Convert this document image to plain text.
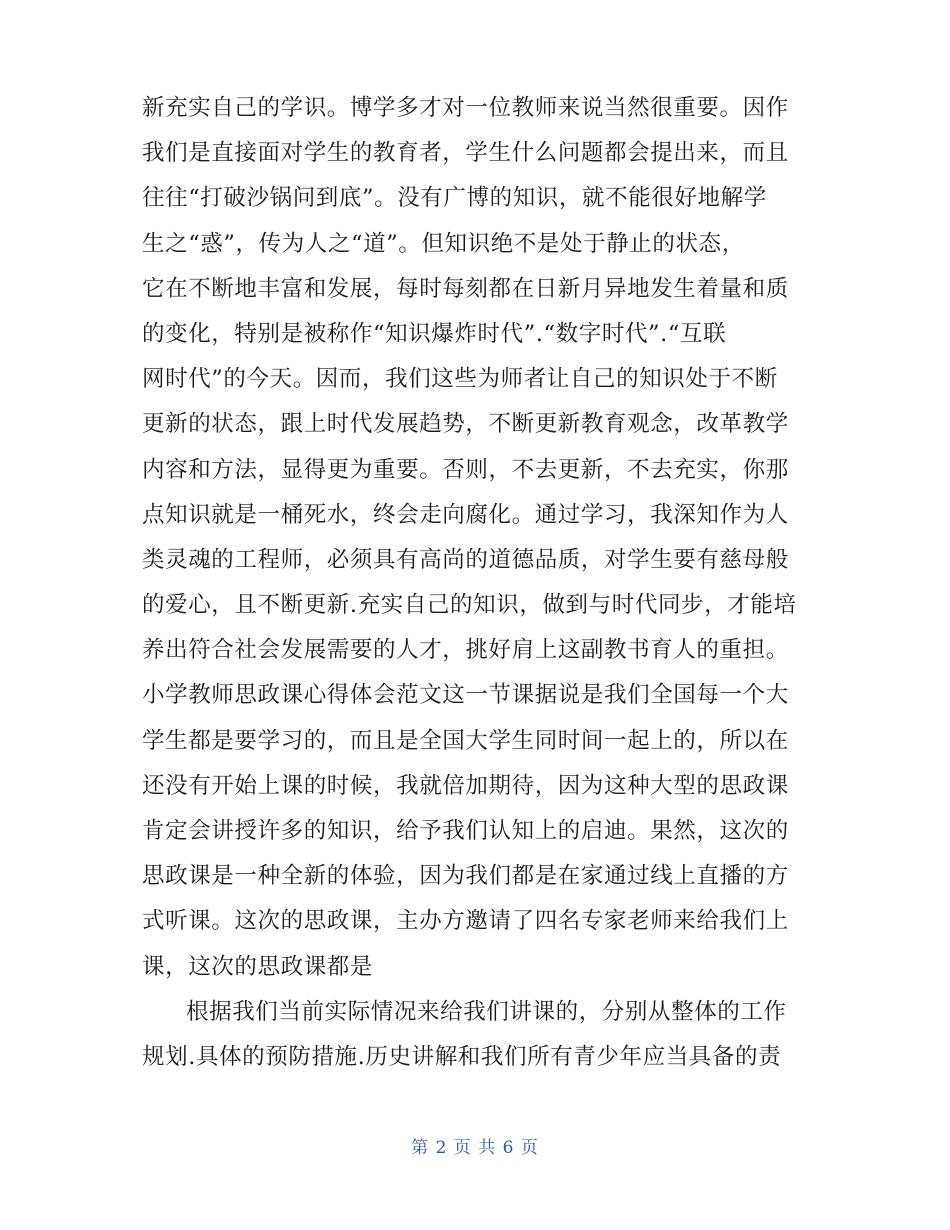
新充实自己的学识。博学多才对一位教师来说当然很重要。因作
我们是直接面对学生的教育者，学生什么问题都会提出来，而且
往往“打破沙锅问到底”。没有广博的知识，就不能很好地解学
生之“惑”，传为人之“道”。但知识绝不是处于静止的状态，
它在不断地丰富和发展，每时每刻都在日新月异地发生着量和质
的变化，特别是被称作“知识爆炸时代”.“数字时代”.“互联
网时代”的今天。因而，我们这些为师者让自己的知识处于不断
更新的状态，跟上时代发展趋势，不断更新教育观念，改革教学
内容和方法，显得更为重要。否则，不去更新，不去充实，你那
点知识就是一桶死水，终会走向腐化。通过学习，我深知作为人
类灵魂的工程师，必须具有高尚的道德品质，对学生要有慈母般
的爱心，且不断更新.充实自己的知识，做到与时代同步，才能培
养出符合社会发展需要的人才，挑好肩上这副教书育人的重担。
小学教师思政课心得体会范文这一节课据说是我们全国每一个大
学生都是要学习的，而且是全国大学生同时间一起上的，所以在
还没有开始上课的时候，我就倍加期待，因为这种大型的思政课
肯定会讲授许多的知识，给予我们认知上的启迪。果然，这次的
思政课是一种全新的体验，因为我们都是在家通过线上直播的方
式听课。这次的思政课，主办方邀请了四名专家老师来给我们上
课，这次的思政课都是
根据我们当前实际情况来给我们讲课的，分别从整体的工作
规划.具体的预防措施.历史讲解和我们所有青少年应当具备的责
第 2 页 共 6 页
